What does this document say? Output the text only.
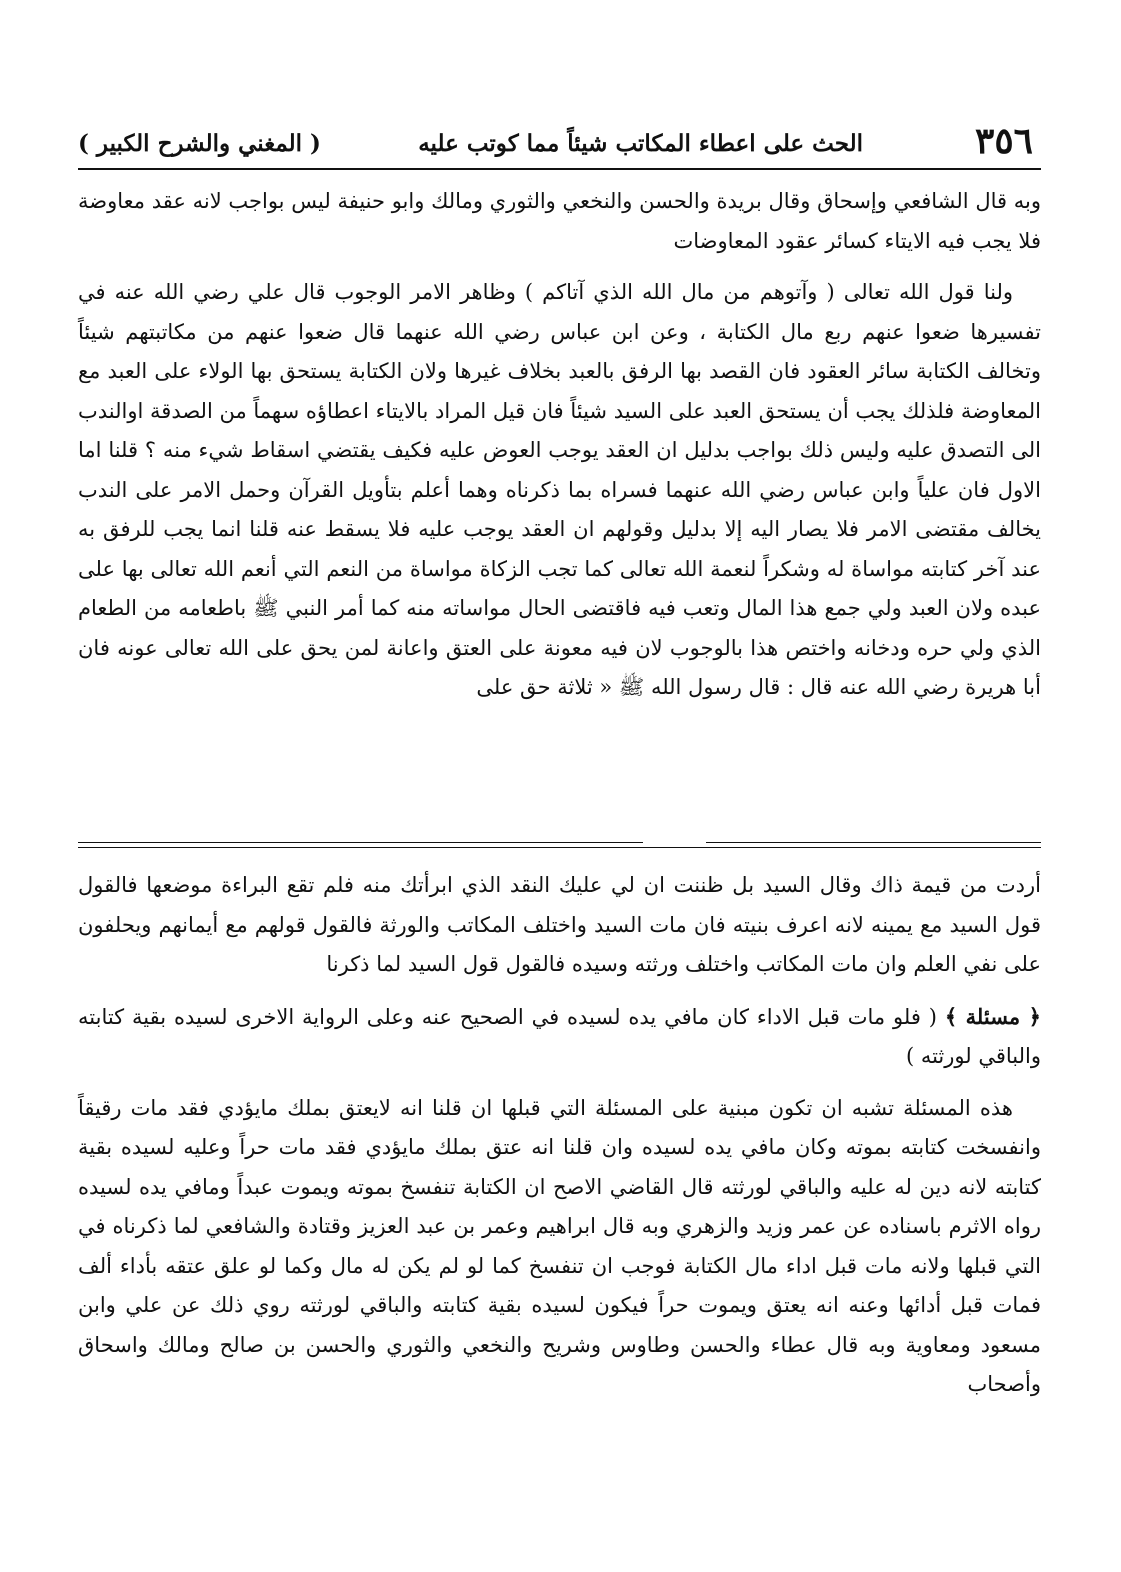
٣٥٦
الحث على اعطاء المكاتب شيئاً مما كوتب عليه
( المغني والشرح الكبير )

وبه قال الشافعي وإسحاق وقال بريدة والحسن والنخعي والثوري ومالك وابو حنيفة ليس بواجب لانه عقد معاوضة فلا يجب فيه الايتاء كسائر عقود المعاوضات

ولنا قول الله تعالى ( وآتوهم من مال الله الذي آتاكم ) وظاهر الامر الوجوب قال علي رضي الله عنه في تفسيرها ضعوا عنهم ربع مال الكتابة ، وعن ابن عباس رضي الله عنهما قال ضعوا عنهم من مكاتبتهم شيئاً وتخالف الكتابة سائر العقود فان القصد بها الرفق بالعبد بخلاف غيرها ولان الكتابة يستحق بها الولاء على العبد مع المعاوضة فلذلك يجب أن يستحق العبد على السيد شيئاً فان قيل المراد بالايتاء اعطاؤه سهماً من الصدقة اوالندب الى التصدق عليه وليس ذلك بواجب بدليل ان العقد يوجب العوض عليه فكيف يقتضي اسقاط شيء منه ؟ قلنا اما الاول فان علياً وابن عباس رضي الله عنهما فسراه بما ذكرناه وهما أعلم بتأويل القرآن وحمل الامر على الندب يخالف مقتضى الامر فلا يصار اليه إلا بدليل وقولهم ان العقد يوجب عليه فلا يسقط عنه قلنا انما يجب للرفق به عند آخر كتابته مواساة له وشكراً لنعمة الله تعالى كما تجب الزكاة مواساة من النعم التي أنعم الله تعالى بها على عبده ولان العبد ولي جمع هذا المال وتعب فيه فاقتضى الحال مواساته منه كما أمر النبي ﷺ باطعامه من الطعام الذي ولي حره ودخانه واختص هذا بالوجوب لان فيه معونة على العتق واعانة لمن يحق على الله تعالى عونه فان أبا هريرة رضي الله عنه قال : قال رسول الله ﷺ « ثلاثة حق على

أردت من قيمة ذاك وقال السيد بل ظننت ان لي عليك النقد الذي ابرأتك منه فلم تقع البراءة موضعها فالقول قول السيد مع يمينه لانه اعرف بنيته فان مات السيد واختلف المكاتب والورثة فالقول قولهم مع أيمانهم ويحلفون على نفي العلم وان مات المكاتب واختلف ورثته وسيده فالقول قول السيد لما ذكرنا

﴿ مسئلة ﴾ ( فلو مات قبل الاداء كان مافي يده لسيده في الصحيح عنه وعلى الرواية الاخرى لسيده بقية كتابته والباقي لورثته )

هذه المسئلة تشبه ان تكون مبنية على المسئلة التي قبلها ان قلنا انه لايعتق بملك مايؤدي فقد مات رقيقاً وانفسخت كتابته بموته وكان مافي يده لسيده وان قلنا انه عتق بملك مايؤدي فقد مات حراً وعليه لسيده بقية كتابته لانه دين له عليه والباقي لورثته قال القاضي الاصح ان الكتابة تنفسخ بموته ويموت عبداً ومافي يده لسيده رواه الاثرم باسناده عن عمر وزيد والزهري وبه قال ابراهيم وعمر بن عبد العزيز وقتادة والشافعي لما ذكرناه في التي قبلها ولانه مات قبل اداء مال الكتابة فوجب ان تنفسخ كما لو لم يكن له مال وكما لو علق عتقه بأداء ألف فمات قبل أدائها وعنه انه يعتق ويموت حراً فيكون لسيده بقية كتابته والباقي لورثته روي ذلك عن علي وابن مسعود ومعاوية وبه قال عطاء والحسن وطاوس وشريح والنخعي والثوري والحسن بن صالح ومالك واسحاق وأصحاب
